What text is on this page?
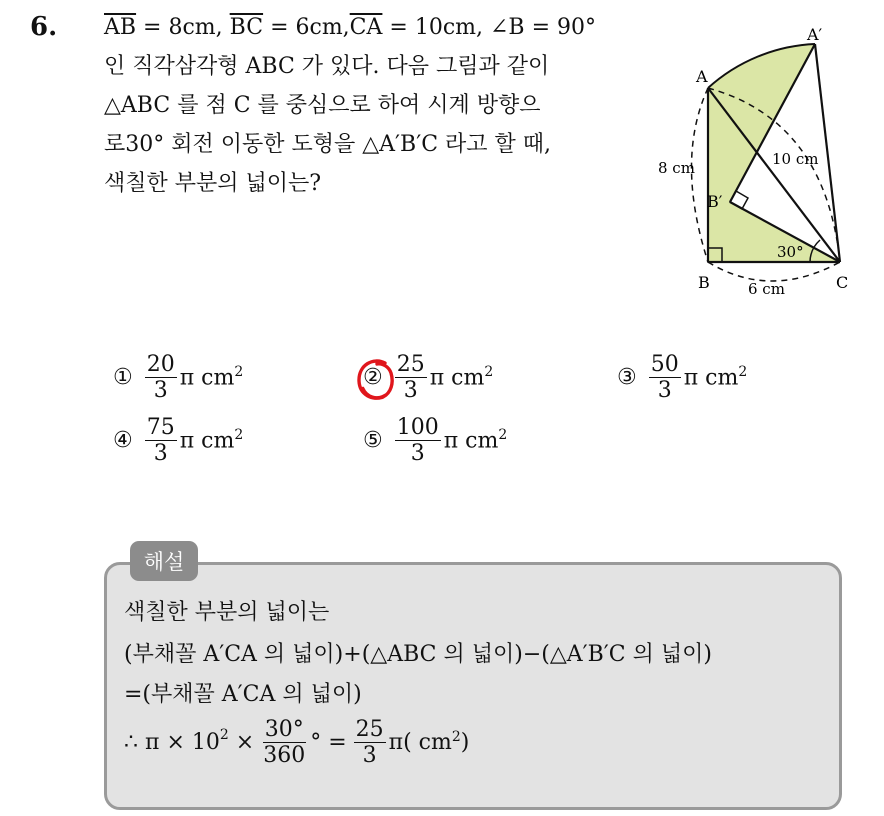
6. $\overline{AB} = 8cm$, $\overline{BC} = 6cm,\overline{CA} = 10cm$, ∠B = 90°
인 직각삼각형 ABC 가 있다. 다음 그림과 같이
△ABC 를 점 C 를 중심으로 하여 시계 방향으
로30° 회전 이동한 도형을 △A′B′C 라고 할 때,
색칠한 부분의 넓이는?
A
A′
B
B′
C
8 cm	10 cm
6 cm
30°
① $\frac{20}{3}$ π $cm^2$	② $\frac{25}{3}$ π $cm^2$	③ $\frac{50}{3}$ π $cm^2$
④ $\frac{75}{3}$ π $cm^2$	⑤ $\frac{100}{3}$ π $cm^2$
해설
색칠한 부분의 넓이는
(부채꼴 A′CA 의 넓이)+(△ABC 의 넓이)−(△A′B′C 의 넓이)
=(부채꼴 A′CA 의 넓이)
∴ $\pi \times 10^2 \times \frac{30^\circ}{360}$ ° = $\frac{25}{3} \pi$( $cm^2$ )
